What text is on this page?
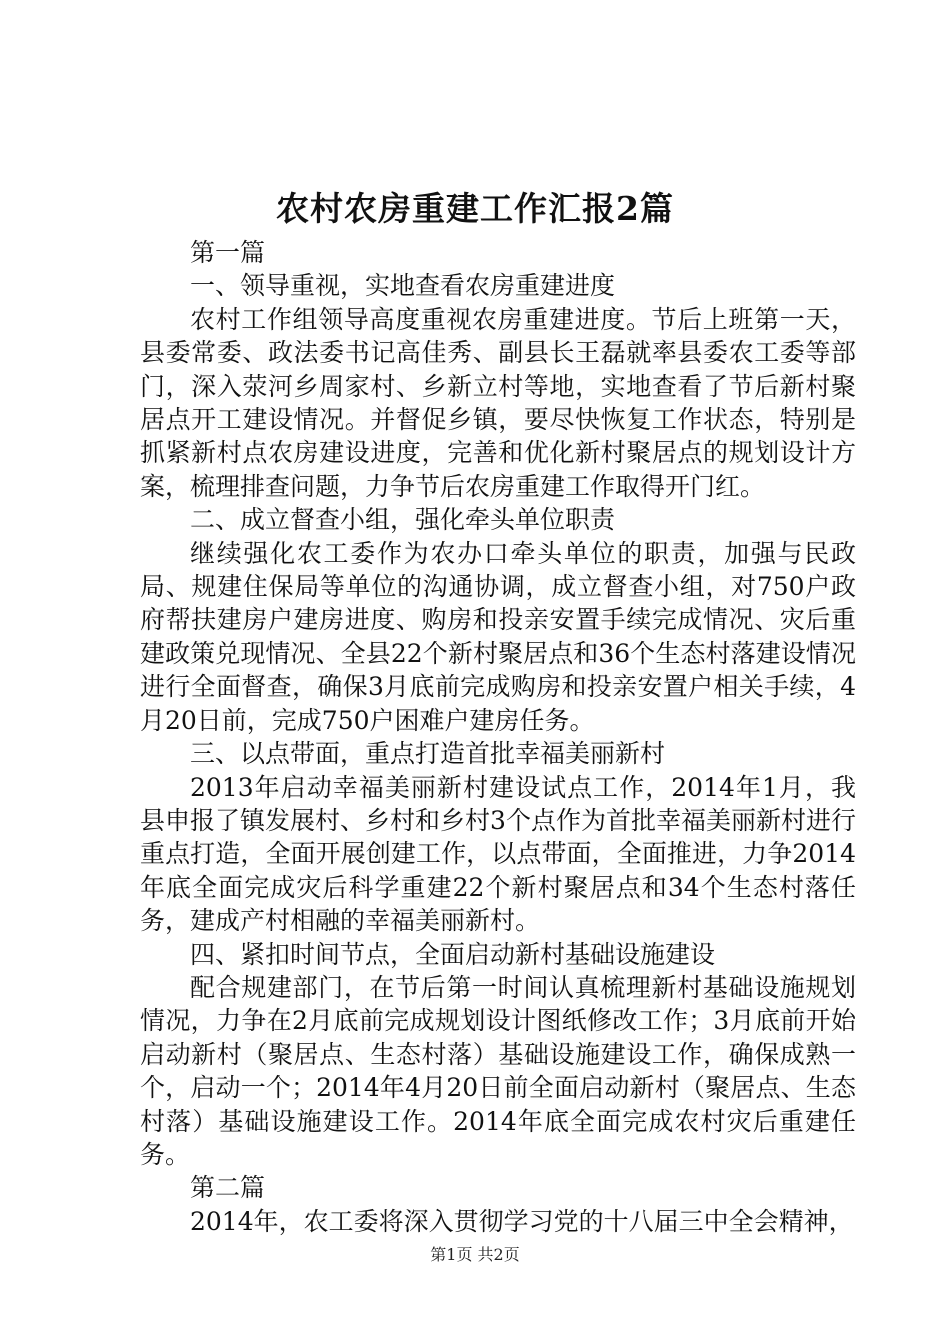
农村农房重建工作汇报2篇

第一篇

一、领导重视，实地查看农房重建进度

农村工作组领导高度重视农房重建进度。节后上班第一天，县委常委、政法委书记高佳秀、副县长王磊就率县委农工委等部门，深入荥河乡周家村、乡新立村等地，实地查看了节后新村聚居点开工建设情况。并督促乡镇，要尽快恢复工作状态，特别是抓紧新村点农房建设进度，完善和优化新村聚居点的规划设计方案，梳理排查问题，力争节后农房重建工作取得开门红。

二、成立督查小组，强化牵头单位职责

继续强化农工委作为农办口牵头单位的职责，加强与民政局、规建住保局等单位的沟通协调，成立督查小组，对750户政府帮扶建房户建房进度、购房和投亲安置手续完成情况、灾后重建政策兑现情况、全县22个新村聚居点和36个生态村落建设情况进行全面督查，确保3月底前完成购房和投亲安置户相关手续，4月20日前，完成750户困难户建房任务。

三、以点带面，重点打造首批幸福美丽新村

2013年启动幸福美丽新村建设试点工作，2014年1月，我县申报了镇发展村、乡村和乡村3个点作为首批幸福美丽新村进行重点打造，全面开展创建工作，以点带面，全面推进，力争2014年底全面完成灾后科学重建22个新村聚居点和34个生态村落任务，建成产村相融的幸福美丽新村。

四、紧扣时间节点，全面启动新村基础设施建设

配合规建部门，在节后第一时间认真梳理新村基础设施规划情况，力争在2月底前完成规划设计图纸修改工作；3月底前开始启动新村（聚居点、生态村落）基础设施建设工作，确保成熟一个，启动一个；2014年4月20日前全面启动新村（聚居点、生态村落）基础设施建设工作。2014年底全面完成农村灾后重建任务。

第二篇

2014年，农工委将深入贯彻学习党的十八届三中全会精神，

第1页 共2页
